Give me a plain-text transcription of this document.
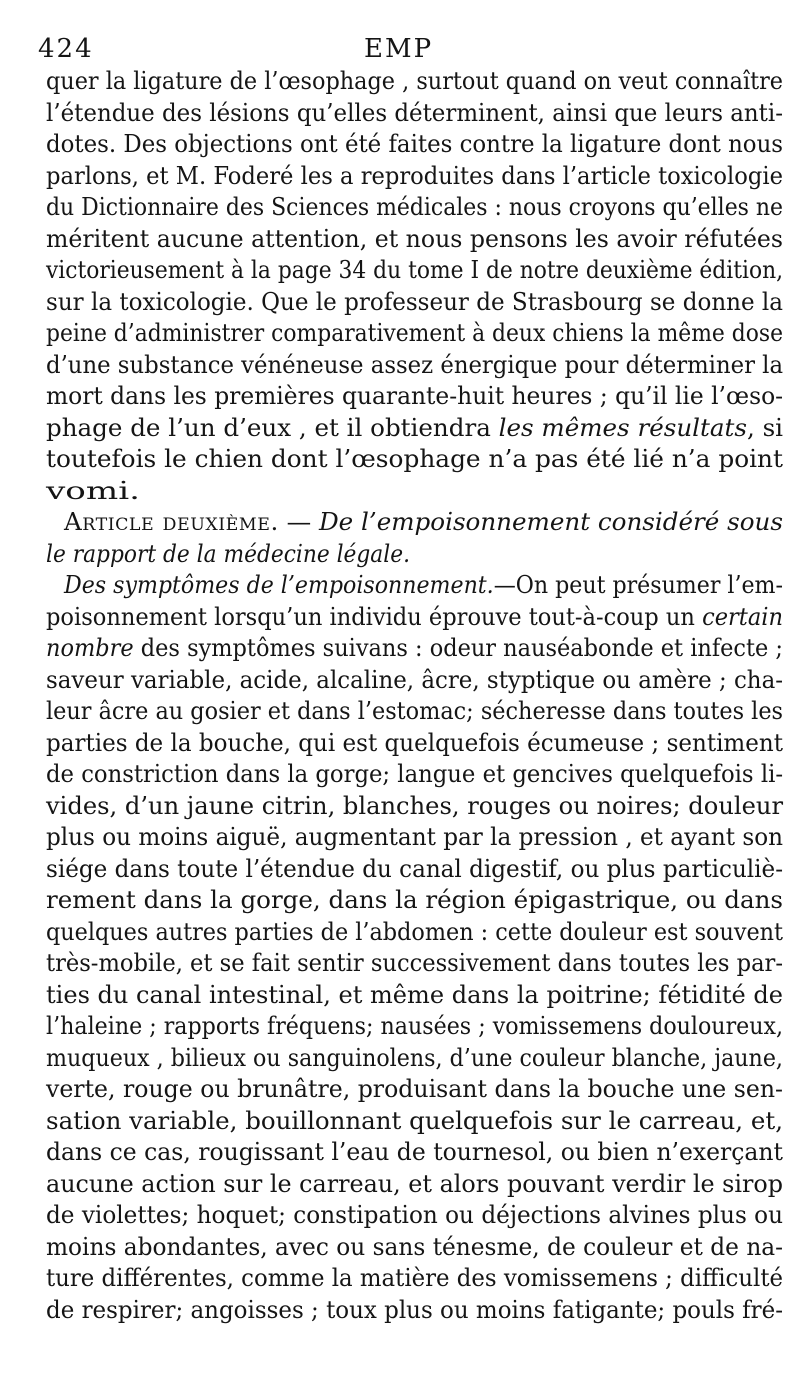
424	EMP
quer la ligature de l’œsophage , surtout quand on veut connaître
l’étendue des lésions qu’elles déterminent, ainsi que leurs anti-
dotes. Des objections ont été faites contre la ligature dont nous
parlons, et M. Foderé les a reproduites dans l’article toxicologie
du Dictionnaire des Sciences médicales : nous croyons qu’elles ne
méritent aucune attention, et nous pensons les avoir réfutées
victorieusement à la page 34 du tome I de notre deuxième édition,
sur la toxicologie. Que le professeur de Strasbourg se donne la
peine d’administrer comparativement à deux chiens la même dose
d’une substance vénéneuse assez énergique pour déterminer la
mort dans les premières quarante-huit heures ; qu’il lie l’œso-
phage de l’un d’eux , et il obtiendra les mêmes résultats, si
toutefois le chien dont l’œsophage n’a pas été lié n’a point
vomi.
Article deuxième. — De l’empoisonnement considéré sous
le rapport de la médecine légale.
Des symptômes de l’empoisonnement.—On peut présumer l’em-
poisonnement lorsqu’un individu éprouve tout-à-coup un certain
nombre des symptômes suivans : odeur nauséabonde et infecte ;
saveur variable, acide, alcaline, âcre, styptique ou amère ; cha-
leur âcre au gosier et dans l’estomac; sécheresse dans toutes les
parties de la bouche, qui est quelquefois écumeuse ; sentiment
de constriction dans la gorge; langue et gencives quelquefois li-
vides, d’un jaune citrin, blanches, rouges ou noires; douleur
plus ou moins aiguë, augmentant par la pression , et ayant son
siége dans toute l’étendue du canal digestif, ou plus particuliè-
rement dans la gorge, dans la région épigastrique, ou dans
quelques autres parties de l’abdomen : cette douleur est souvent
très-mobile, et se fait sentir successivement dans toutes les par-
ties du canal intestinal, et même dans la poitrine; fétidité de
l’haleine ; rapports fréquens; nausées ; vomissemens douloureux,
muqueux , bilieux ou sanguinolens, d’une couleur blanche, jaune,
verte, rouge ou brunâtre, produisant dans la bouche une sen-
sation variable, bouillonnant quelquefois sur le carreau, et,
dans ce cas, rougissant l’eau de tournesol, ou bien n’exerçant
aucune action sur le carreau, et alors pouvant verdir le sirop
de violettes; hoquet; constipation ou déjections alvines plus ou
moins abondantes, avec ou sans ténesme, de couleur et de na-
ture différentes, comme la matière des vomissemens ; difficulté
de respirer; angoisses ; toux plus ou moins fatigante; pouls fré-
